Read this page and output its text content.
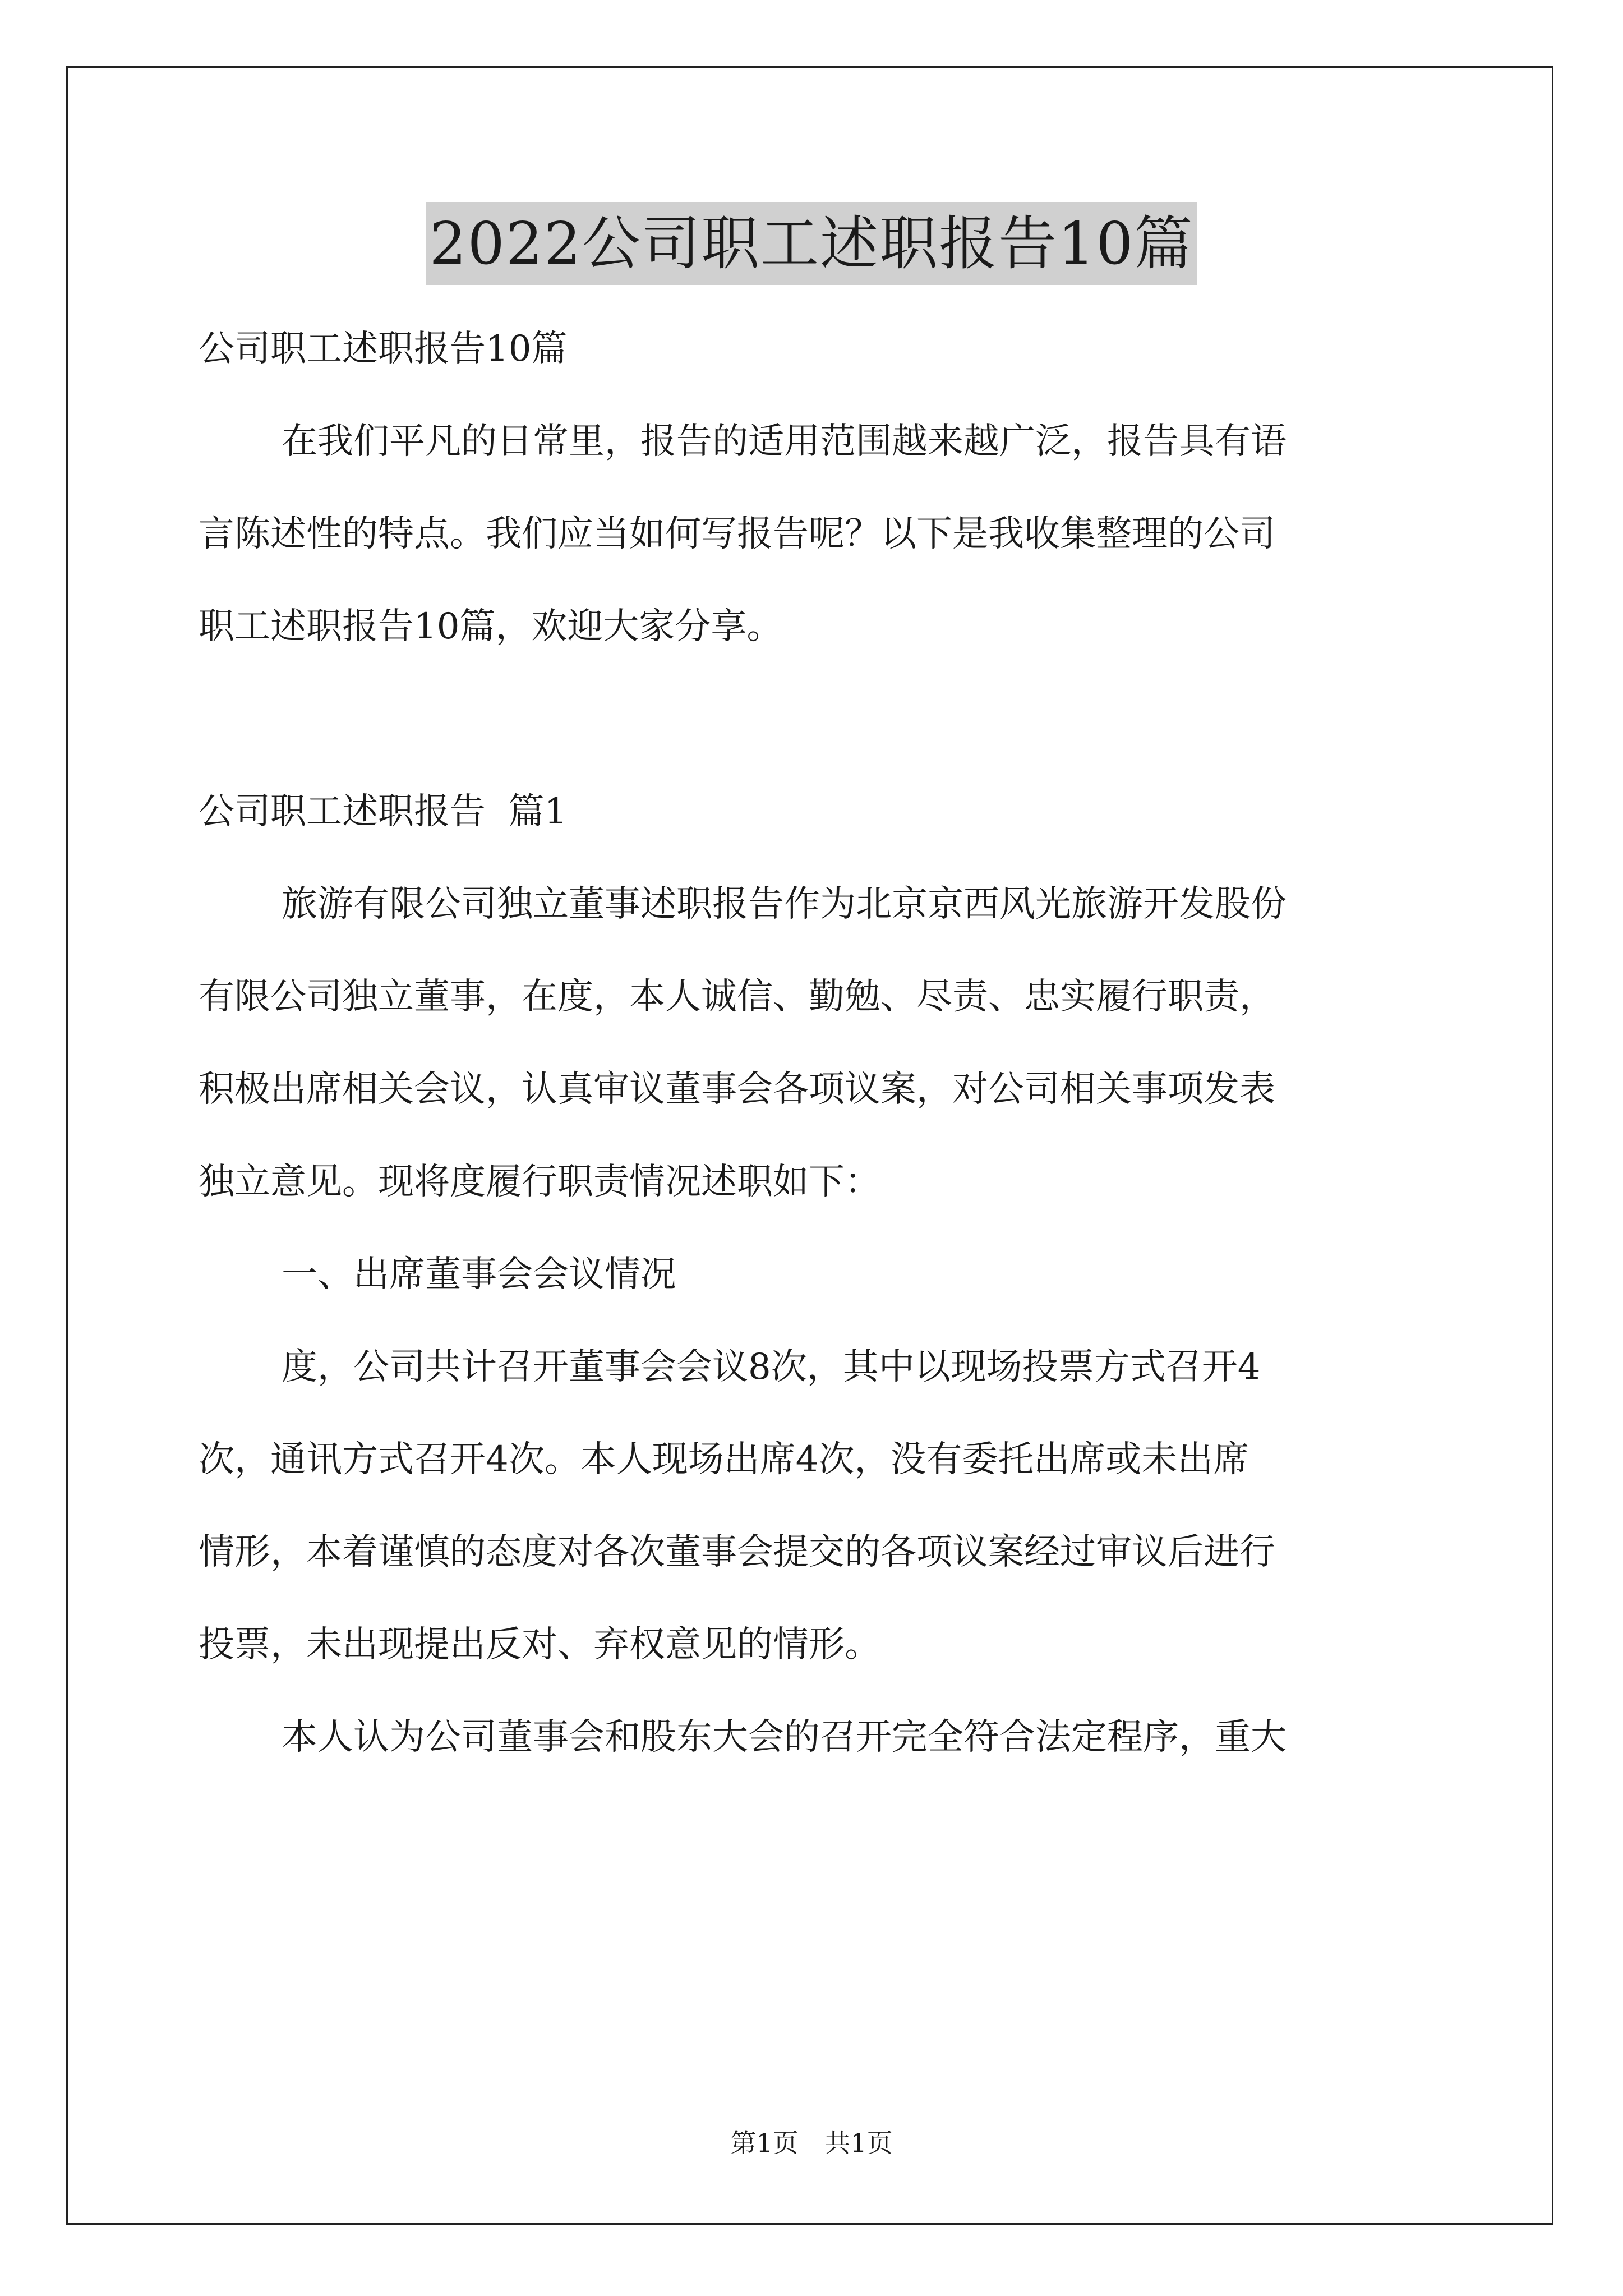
2022公司职工述职报告10篇
公司职工述职报告10篇
在我们平凡的日常里，报告的适用范围越来越广泛，报告具有语
言陈述性的特点。我们应当如何写报告呢？以下是我收集整理的公司
职工述职报告10篇，欢迎大家分享。
公司职工述职报告  篇1
旅游有限公司独立董事述职报告作为北京京西风光旅游开发股份
有限公司独立董事，在度，本人诚信、勤勉、尽责、忠实履行职责，
积极出席相关会议，认真审议董事会各项议案，对公司相关事项发表
独立意见。现将度履行职责情况述职如下：
一、出席董事会会议情况
度，公司共计召开董事会会议8次，其中以现场投票方式召开4
次，通讯方式召开4次。本人现场出席4次，没有委托出席或未出席
情形，本着谨慎的态度对各次董事会提交的各项议案经过审议后进行
投票，未出现提出反对、弃权意见的情形。
本人认为公司董事会和股东大会的召开完全符合法定程序，重大
第1页 共1页
